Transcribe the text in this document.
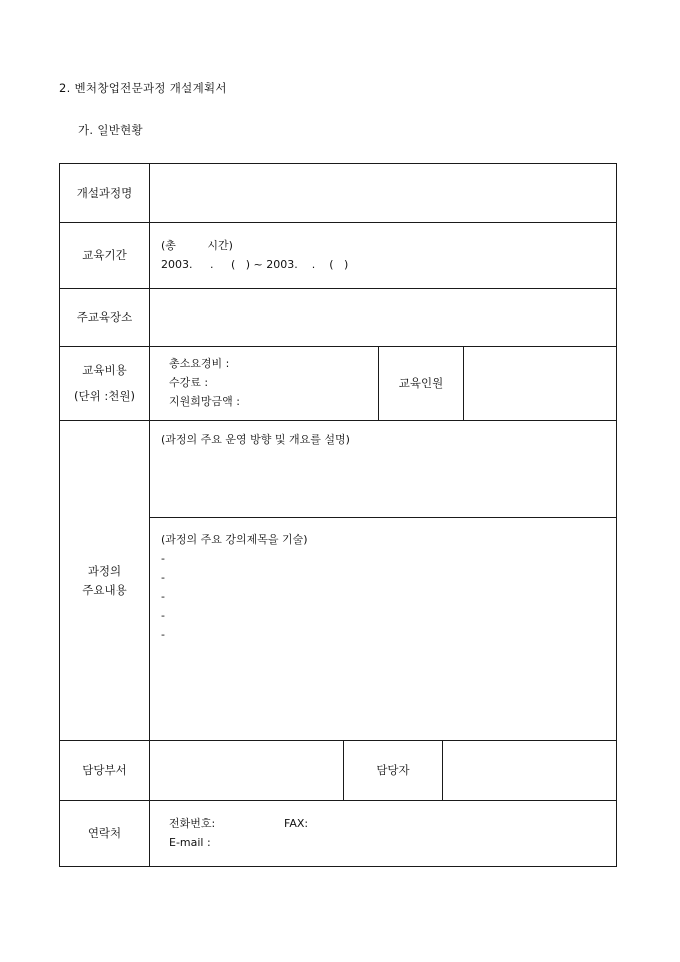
2. 벤처창업전문과정 개설계획서
가. 일반현황
개설과정명
교육기간
(총         시간)
2003.     .     (   ) ~ 2003.    .    (   )
주교육장소
교육비용
(단위 :천원)
총소요경비 :
수강료 :
지원희망금액 :
교육인원
과정의
주요내용
(과정의 주요 운영 방향 및 개요를 설명)
(과정의 주요 강의제목을 기술)
-
-
-
-
-
담당부서	담당자
연락처
전화번호:	FAX:
E-mail :
